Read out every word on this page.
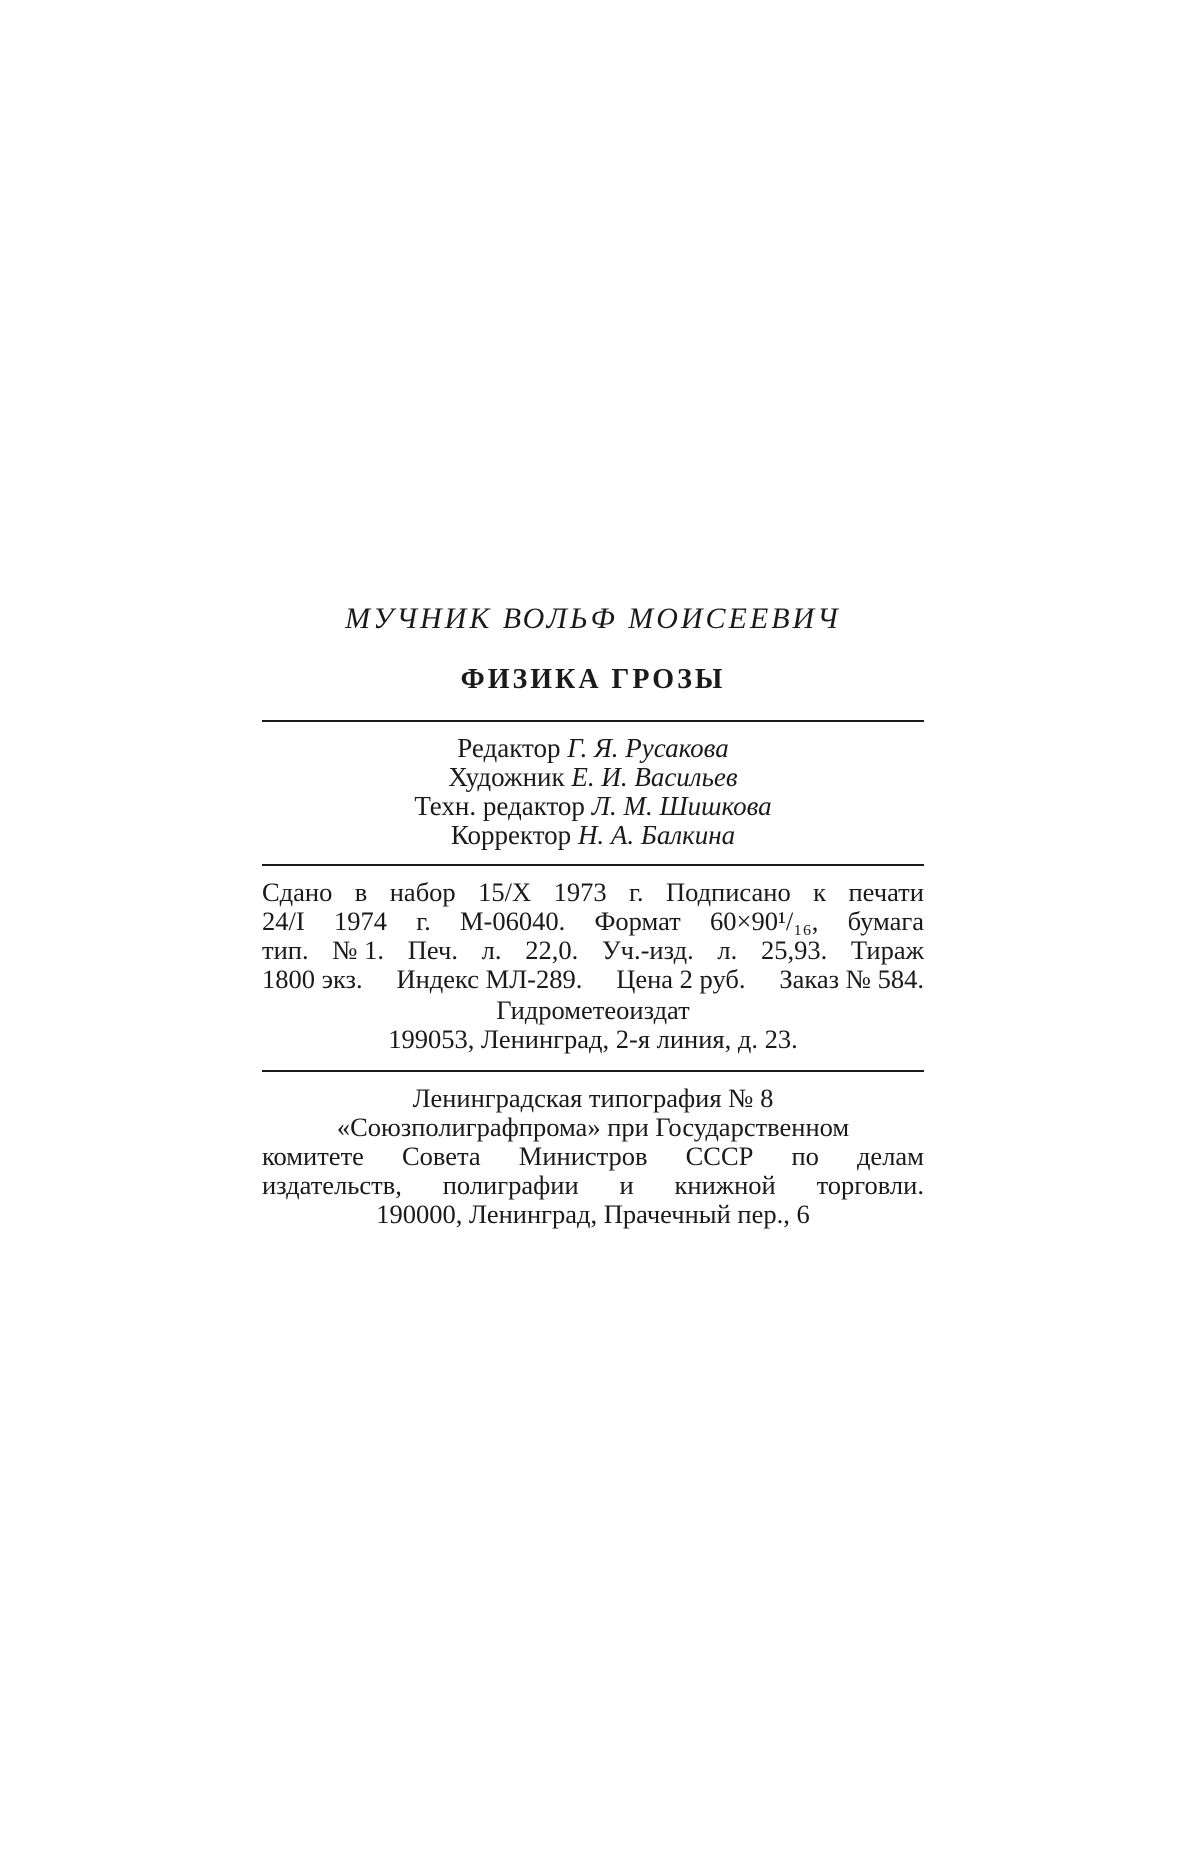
МУЧНИК ВОЛЬФ МОИСЕЕВИЧ

ФИЗИКА ГРОЗЫ

Редактор Г. Я. Русакова
Художник Е. И. Васильев
Техн. редактор Л. М. Шишкова
Корректор Н. А. Балкина
Сдано в набор 15/Х 1973 г. Подписано к печати
24/I 1974 г. М-06040. Формат 60×90¹/₁₆, бумага
тип. № 1. Печ. л. 22,0. Уч.-изд. л. 25,93. Тираж
1800 экз. Индекс МЛ-289. Цена 2 руб. Заказ № 584.
Гидрометеоиздат
199053, Ленинград, 2-я линия, д. 23.
Ленинградская типография № 8
«Союзполиграфпрома» при Государственном
комитете Совета Министров СССР по делам
издательств, полиграфии и книжной торговли.
190000, Ленинград, Прачечный пер., 6
